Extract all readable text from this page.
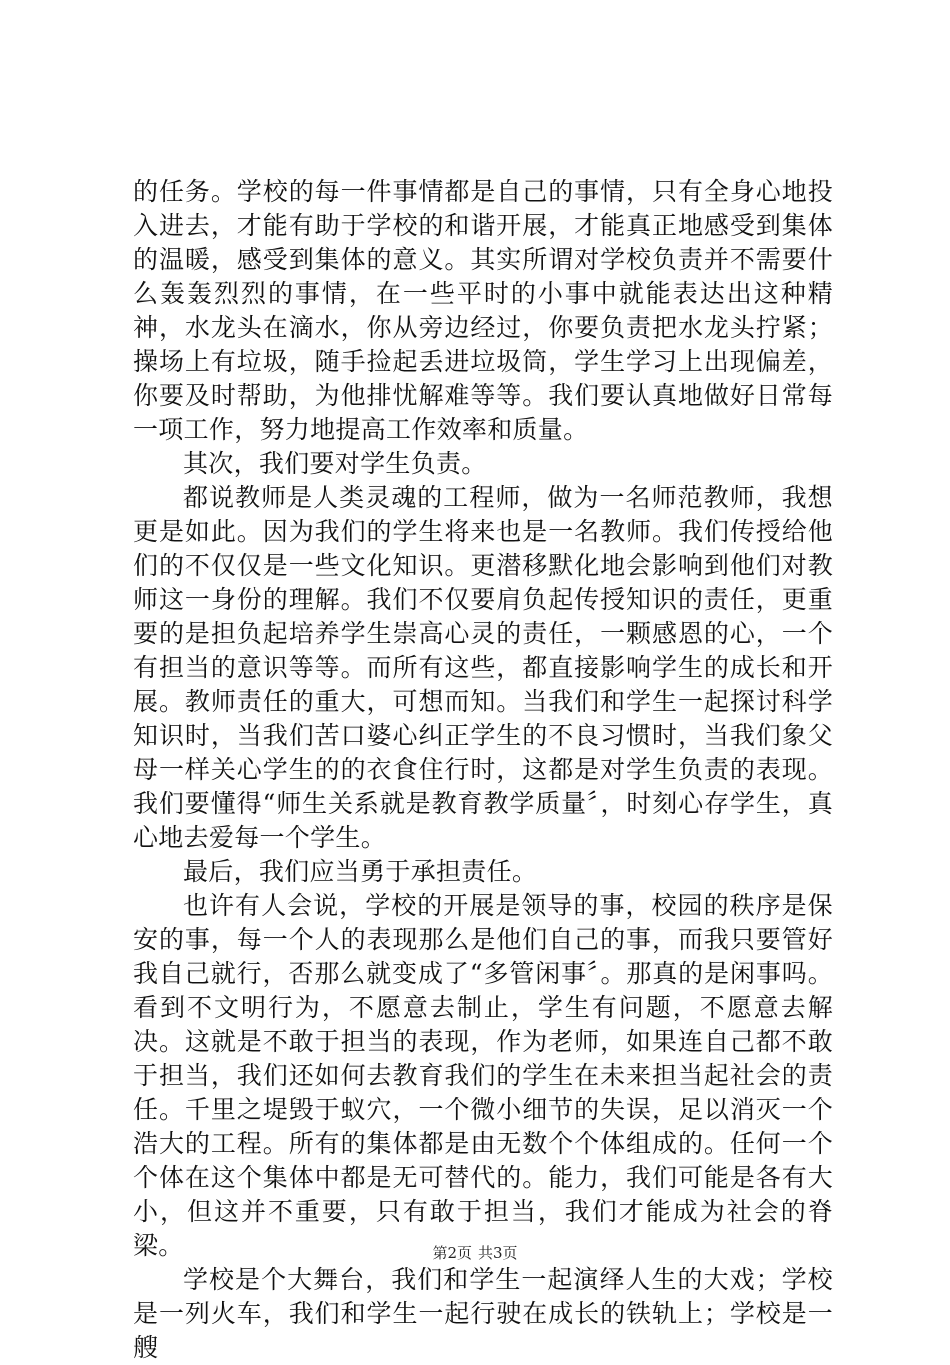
的任务。学校的每一件事情都是自己的事情，只有全身心地投入进去，才能有助于学校的和谐开展，才能真正地感受到集体的温暖，感受到集体的意义。其实所谓对学校负责并不需要什么轰轰烈烈的事情，在一些平时的小事中就能表达出这种精神，水龙头在滴水，你从旁边经过，你要负责把水龙头拧紧；操场上有垃圾，随手捡起丢进垃圾筒，学生学习上出现偏差，你要及时帮助，为他排忧解难等等。我们要认真地做好日常每一项工作，努力地提高工作效率和质量。

其次，我们要对学生负责。

都说教师是人类灵魂的工程师，做为一名师范教师，我想更是如此。因为我们的学生将来也是一名教师。我们传授给他们的不仅仅是一些文化知识。更潜移默化地会影响到他们对教师这一身份的理解。我们不仅要肩负起传授知识的责任，更重要的是担负起培养学生崇高心灵的责任，一颗感恩的心，一个有担当的意识等等。而所有这些，都直接影响学生的成长和开展。教师责任的重大，可想而知。当我们和学生一起探讨科学知识时，当我们苦口婆心纠正学生的不良习惯时，当我们象父母一样关心学生的的衣食住行时，这都是对学生负责的表现。我们要懂得“师生关系就是教育教学质量〞，时刻心存学生，真心地去爱每一个学生。

最后，我们应当勇于承担责任。

也许有人会说，学校的开展是领导的事，校园的秩序是保安的事，每一个人的表现那么是他们自己的事，而我只要管好我自己就行，否那么就变成了“多管闲事〞。那真的是闲事吗。看到不文明行为，不愿意去制止，学生有问题，不愿意去解决。这就是不敢于担当的表现，作为老师，如果连自己都不敢于担当，我们还如何去教育我们的学生在未来担当起社会的责任。千里之堤毁于蚁穴，一个微小细节的失误，足以消灭一个浩大的工程。所有的集体都是由无数个个体组成的。任何一个个体在这个集体中都是无可替代的。能力，我们可能是各有大小，但这并不重要，只有敢于担当，我们才能成为社会的脊梁。

学校是个大舞台，我们和学生一起演绎人生的大戏；学校是一列火车，我们和学生一起行驶在成长的铁轨上；学校是一艘

第2页 共3页
